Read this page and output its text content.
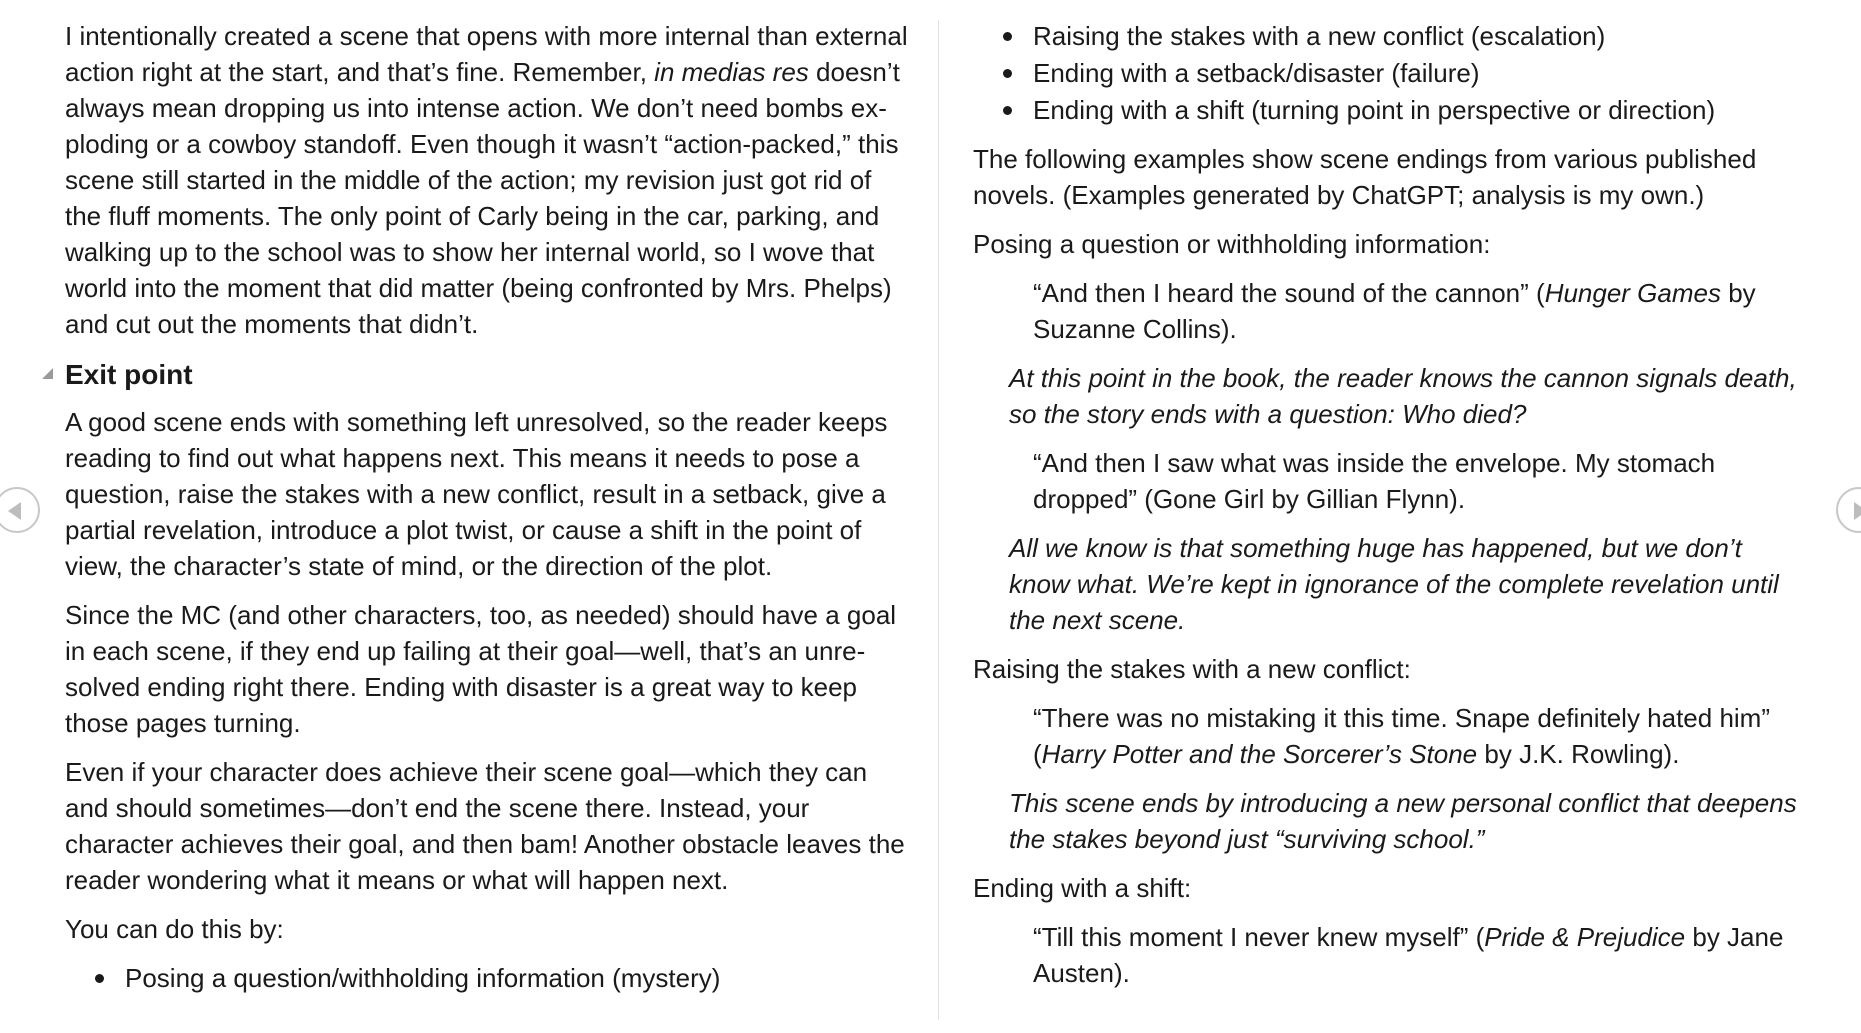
I intentionally created a scene that opens with more internal than external action right at the start, and that’s fine. Remember, in medias res doesn’t always mean dropping us into intense action. We don’t need bombs exploding or a cowboy standoff. Even though it wasn’t “action-packed,” this scene still started in the middle of the action; my revision just got rid of the fluff moments. The only point of Carly being in the car, parking, and walking up to the school was to show her internal world, so I wove that world into the moment that did matter (being confronted by Mrs. Phelps) and cut out the moments that didn’t.

Exit point

A good scene ends with something left unresolved, so the reader keeps reading to find out what happens next. This means it needs to pose a question, raise the stakes with a new conflict, result in a setback, give a partial revelation, introduce a plot twist, or cause a shift in the point of view, the character’s state of mind, or the direction of the plot.

Since the MC (and other characters, too, as needed) should have a goal in each scene, if they end up failing at their goal—well, that’s an unresolved ending right there. Ending with disaster is a great way to keep those pages turning.

Even if your character does achieve their scene goal—which they can and should sometimes—don’t end the scene there. Instead, your character achieves their goal, and then bam! Another obstacle leaves the reader wondering what it means or what will happen next.

You can do this by:

Posing a question/withholding information (mystery)
Raising the stakes with a new conflict (escalation)
Ending with a setback/disaster (failure)
Ending with a shift (turning point in perspective or direction)

The following examples show scene endings from various published novels. (Examples generated by ChatGPT; analysis is my own.)

Posing a question or withholding information:

“And then I heard the sound of the cannon” (Hunger Games by Suzanne Collins).

At this point in the book, the reader knows the cannon signals death, so the story ends with a question: Who died?

“And then I saw what was inside the envelope. My stomach dropped” (Gone Girl by Gillian Flynn).

All we know is that something huge has happened, but we don’t know what. We’re kept in ignorance of the complete revelation until the next scene.

Raising the stakes with a new conflict:

“There was no mistaking it this time. Snape definitely hated him” (Harry Potter and the Sorcerer’s Stone by J.K. Rowling).

This scene ends by introducing a new personal conflict that deepens the stakes beyond just “surviving school.”

Ending with a shift:

“Till this moment I never knew myself” (Pride & Prejudice by Jane Austen).
